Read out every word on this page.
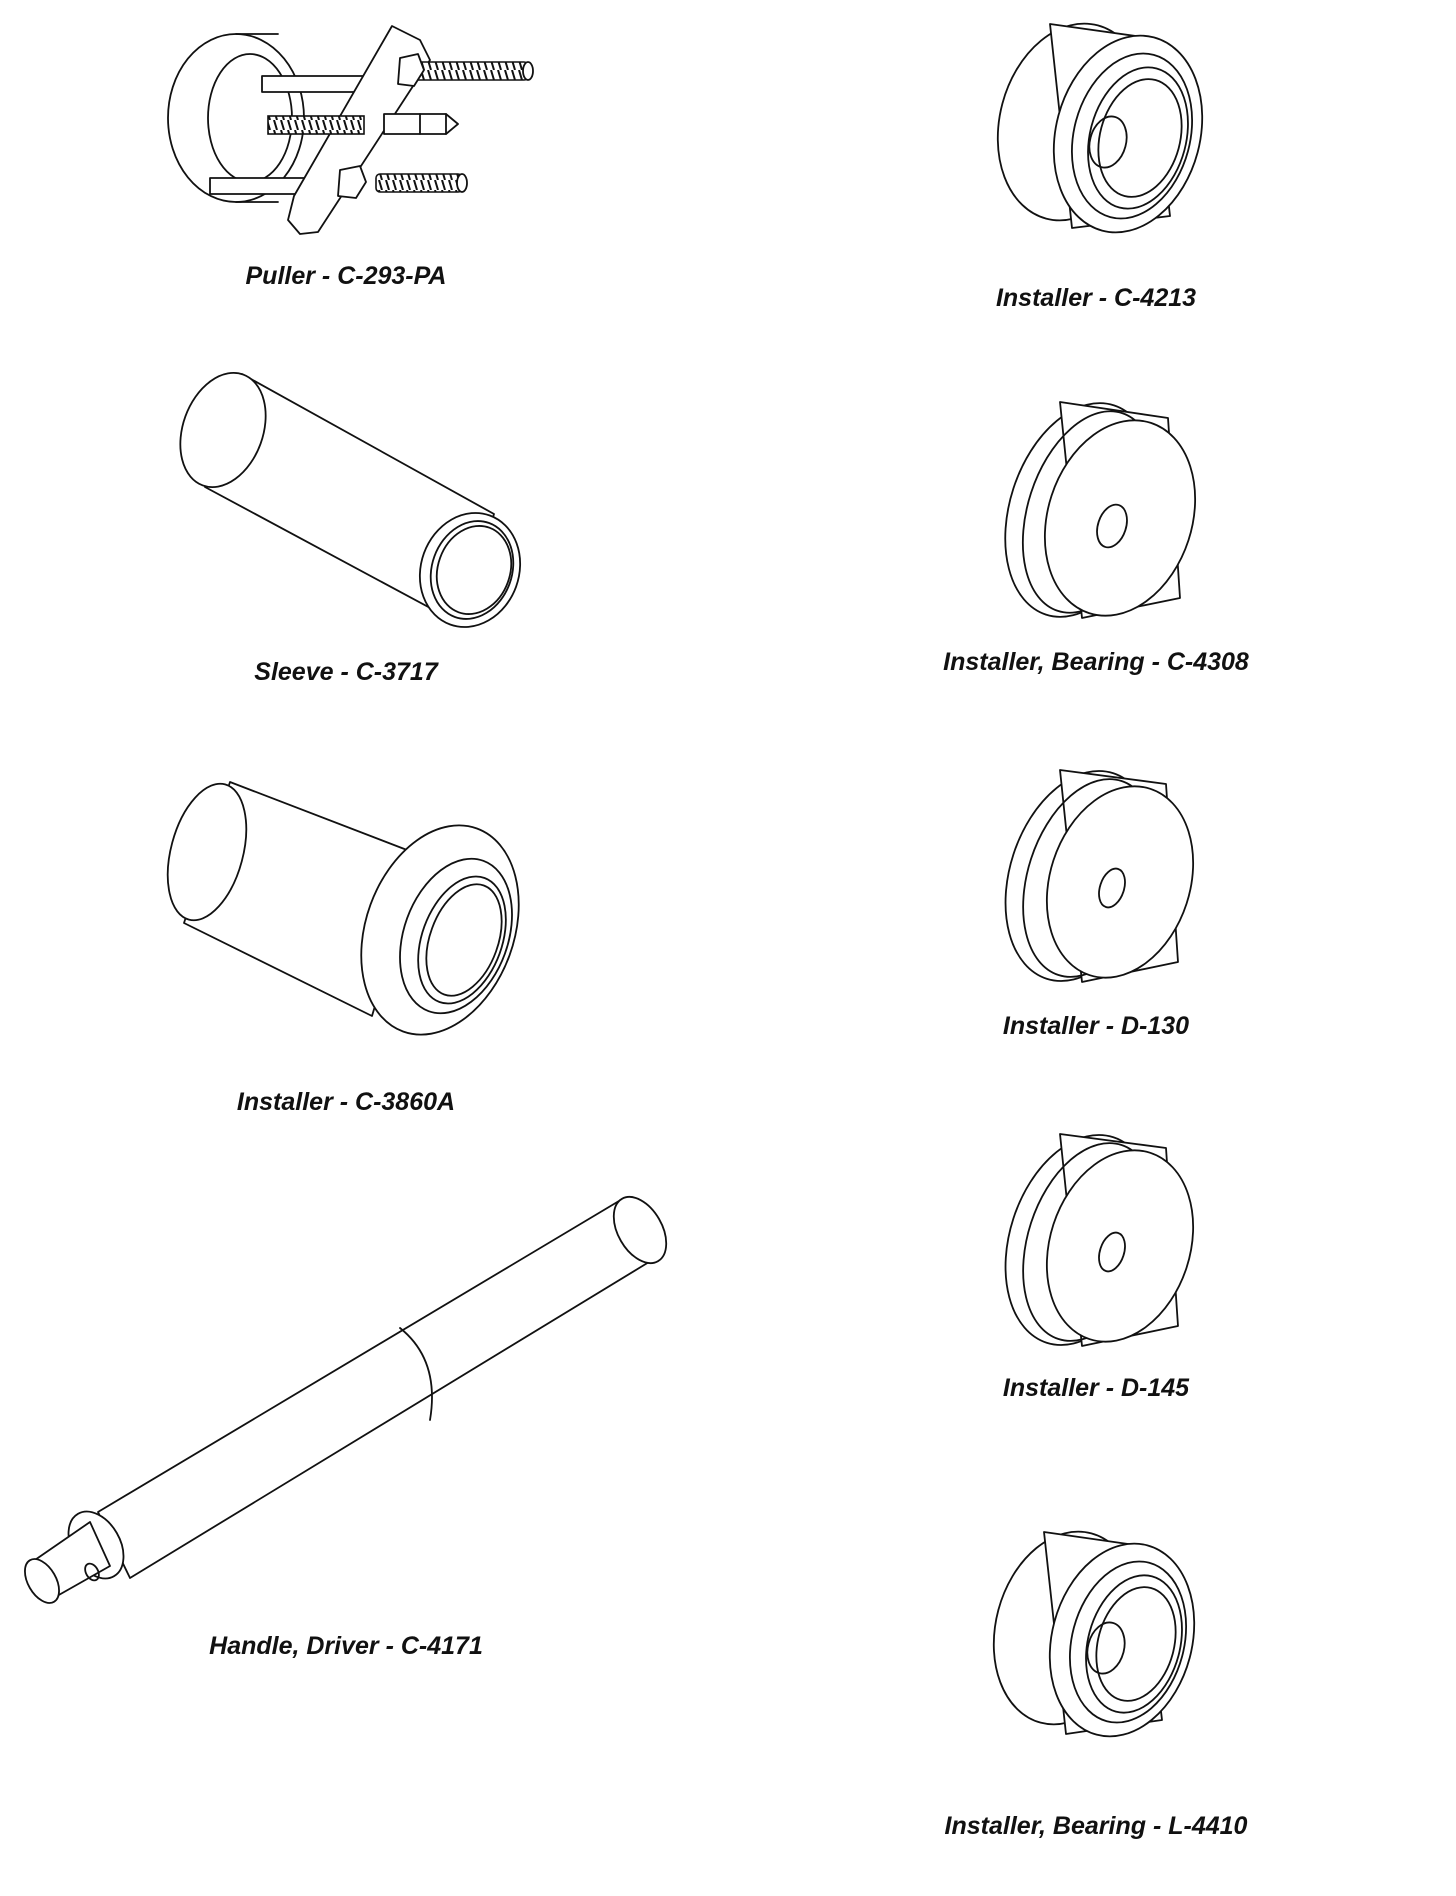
Puller - C-293-PA
Sleeve - C-3717
Installer - C-3860A
Handle, Driver - C-4171
Installer - C-4213
Installer, Bearing - C-4308
Installer - D-130
Installer - D-145
Installer, Bearing - L-4410
